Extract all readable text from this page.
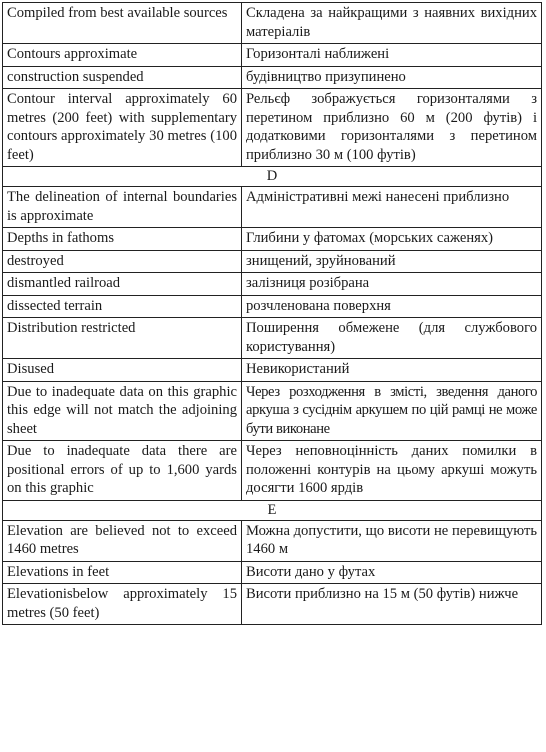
Compiled from best available sources	Складена за найкращими з наявних вихідних матеріалів
Contours approximate	Горизонталі наближені
construction suspended	будівництво призупинено
Contour interval approximately 60 metres (200 feet) with supplementary contours approximately 30 metres (100 feet)	Рельєф зображується горизонталями з перетином приблизно 60 м (200 футів) і додатковими горизонталями з перетином приблизно 30 м (100 футів)
D	
The delineation of internal boundaries is approximate	Адміністративні межі нанесені приблизно
Depths in fathoms	Глибини у фатомах (морських саженях)
destroyed	знищений, зруйнований
dismantled railroad	залізниця розібрана
dissected terrain	розчленована поверхня
Distribution restricted	Поширення обмежене (для службового користування)
Disused	Невикористаний
Due to inadequate data on this graphic this edge will not match the adjoining sheet	Через розходження в змісті, зведення даного аркуша з сусіднім аркушем по цій рамці не може бути виконане
Due to inadequate data there are positional errors of up to 1,600 yards on this graphic	Через неповноцінність даних помилки в положенні контурів на цьому аркуші можуть досягти 1600 ярдів
E	
Elevation are believed not to exceed 1460 metres	Можна допустити, що висоти не перевищують 1460 м
Elevations in feet	Висоти дано у футах
Elevationisbelow approximately 15 metres (50 feet)	Висоти приблизно на 15 м (50 футів) нижче
